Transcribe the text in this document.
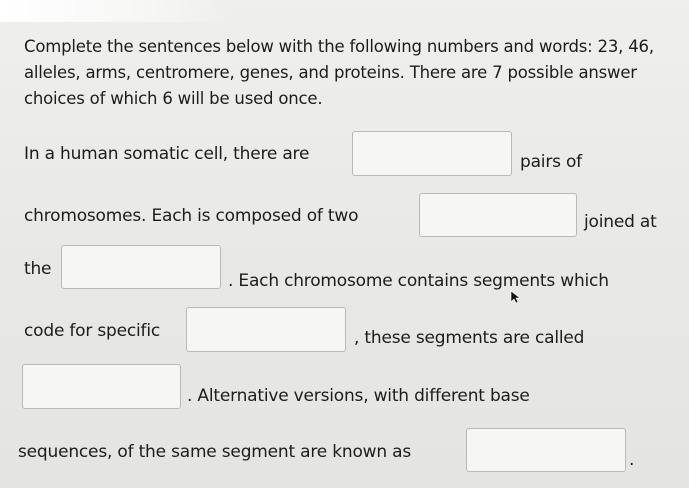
Complete the sentences below with the following numbers and words: 23, 46,
alleles, arms, centromere, genes, and proteins. There are 7 possible answer
choices of which 6 will be used once.
In a human somatic cell, there are	pairs of
chromosomes. Each is composed of two	joined at
the
. Each chromosome contains segments which
code for specific	, these segments are called
. Alternative versions, with different base
sequences, of the same segment are known as	.
